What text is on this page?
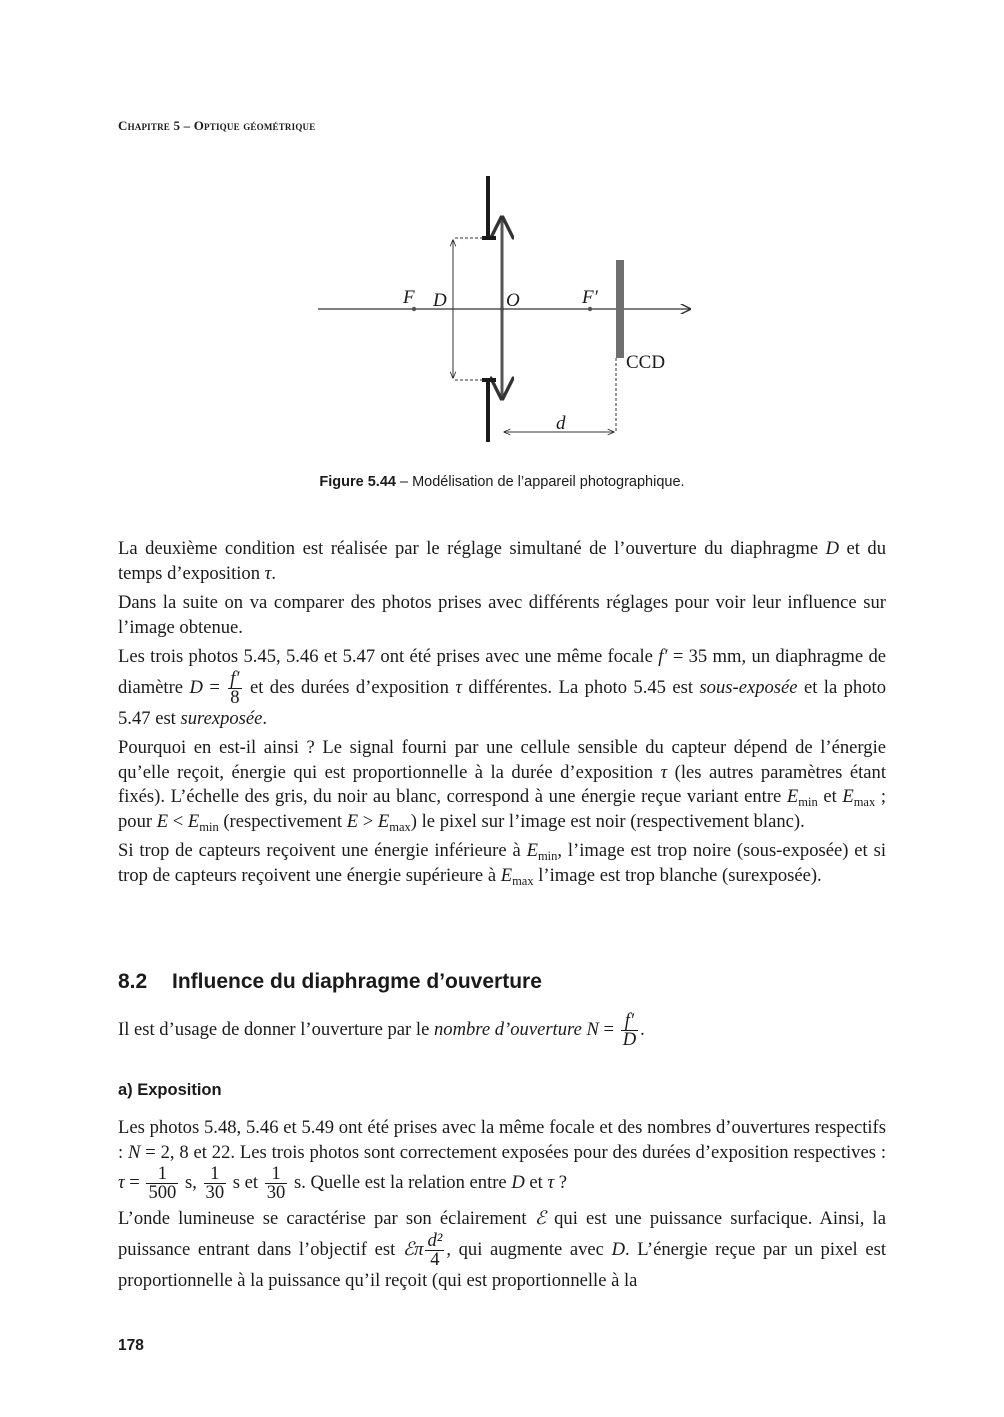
Chapitre 5 – Optique géométrique
F D	O	F′
CCD
d
Figure 5.44 – Modélisation de l’appareil photographique.

La deuxième condition est réalisée par le réglage simultané de l’ouverture du diaphragme D et du temps d’exposition τ.

Dans la suite on va comparer des photos prises avec différents réglages pour voir leur influence sur l’image obtenue.

Les trois photos 5.45, 5.46 et 5.47 ont été prises avec une même focale f′ = 35 mm, un diaphragme de diamètre $D = \frac{f'}{8}$ et des durées d’exposition τ différentes. La photo 5.45 est sous-exposée et la photo 5.47 est surexposée.

Pourquoi en est-il ainsi ? Le signal fourni par une cellule sensible du capteur dépend de l’énergie qu’elle reçoit, énergie qui est proportionnelle à la durée d’exposition τ (les autres paramètres étant fixés). L’échelle des gris, du noir au blanc, correspond à une énergie reçue variant entre $E_{min}$ et $E_{max}$ ; pour $E < E_{min}$ (respectivement $E > E_{max}$) le pixel sur l’image est noir (respectivement blanc).

Si trop de capteurs reçoivent une énergie inférieure à $E_{min}$, l’image est trop noire (sous-exposée) et si trop de capteurs reçoivent une énergie supérieure à $E_{max}$ l’image est trop blanche (surexposée).

8.2 Influence du diaphragme d’ouverture

Il est d’usage de donner l’ouverture par le nombre d’ouverture $N = \frac{f'}{D}$ .

a) Exposition

Les photos 5.48, 5.46 et 5.49 ont été prises avec la même focale et des nombres d’ouvertures respectifs : N = 2, 8 et 22. Les trois photos sont correctement exposées pour des durées d’exposition respectives : $\tau = \frac{1}{500} s$, $\frac{1}{30}$ s et $\frac{1}{30} s$. Quelle est la relation entre D et τ ?

L’onde lumineuse se caractérise par son éclairement ℰ qui est une puissance surfacique. Ainsi, la puissance entrant dans l’objectif est ℰπ $\frac{\text{d²}}{4}$ , qui augmente avec D. L’énergie reçue par un pixel est proportionnelle à la puissance qu’il reçoit (qui est proportionnelle à la

178
